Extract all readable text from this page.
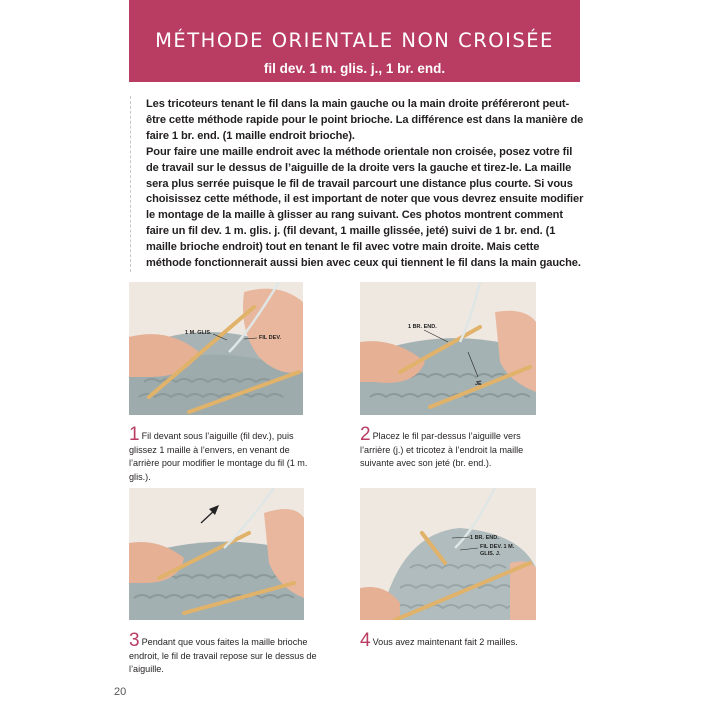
MÉTHODE ORIENTALE NON CROISÉE
fil dev. 1 m. glis. j., 1 br. end.

Les tricoteurs tenant le fil dans la main gauche ou la main droite préféreront peut-être cette méthode rapide pour le point brioche. La différence est dans la manière de faire 1 br. end. (1 maille endroit brioche).

Pour faire une maille endroit avec la méthode orientale non croisée, posez votre fil de travail sur le dessus de l’aiguille de la droite vers la gauche et tirez-le. La maille sera plus serrée puisque le fil de travail parcourt une distance plus courte. Si vous choisissez cette méthode, il est important de noter que vous devrez ensuite modifier le montage de la maille à glisser au rang suivant. Ces photos montrent comment faire un fil dev. 1 m. glis. j. (fil devant, 1 maille glissée, jeté) suivi de 1 br. end. (1 maille brioche endroit) tout en tenant le fil avec votre main droite. Mais cette méthode fonctionnerait aussi bien avec ceux qui tiennent le fil dans la main gauche.

1 M. GLIS.
FIL DEV.
1 BR. END.
JÉ
1 BR. END.
FIL DEV. 1 M.
GLIS. J.
1 Fil devant sous l’aiguille (fil dev.), puis glissez 1 maille à l’envers, en venant de l’arrière pour modifier le montage du fil (1 m. glis.).
2 Placez le fil par-dessus l’aiguille vers l’arrière (j.) et tricotez à l’endroit la maille suivante avec son jeté (br. end.).
3 Pendant que vous faites la maille brioche endroit, le fil de travail repose sur le dessus de l’aiguille.
4 Vous avez maintenant fait 2 mailles.
20
